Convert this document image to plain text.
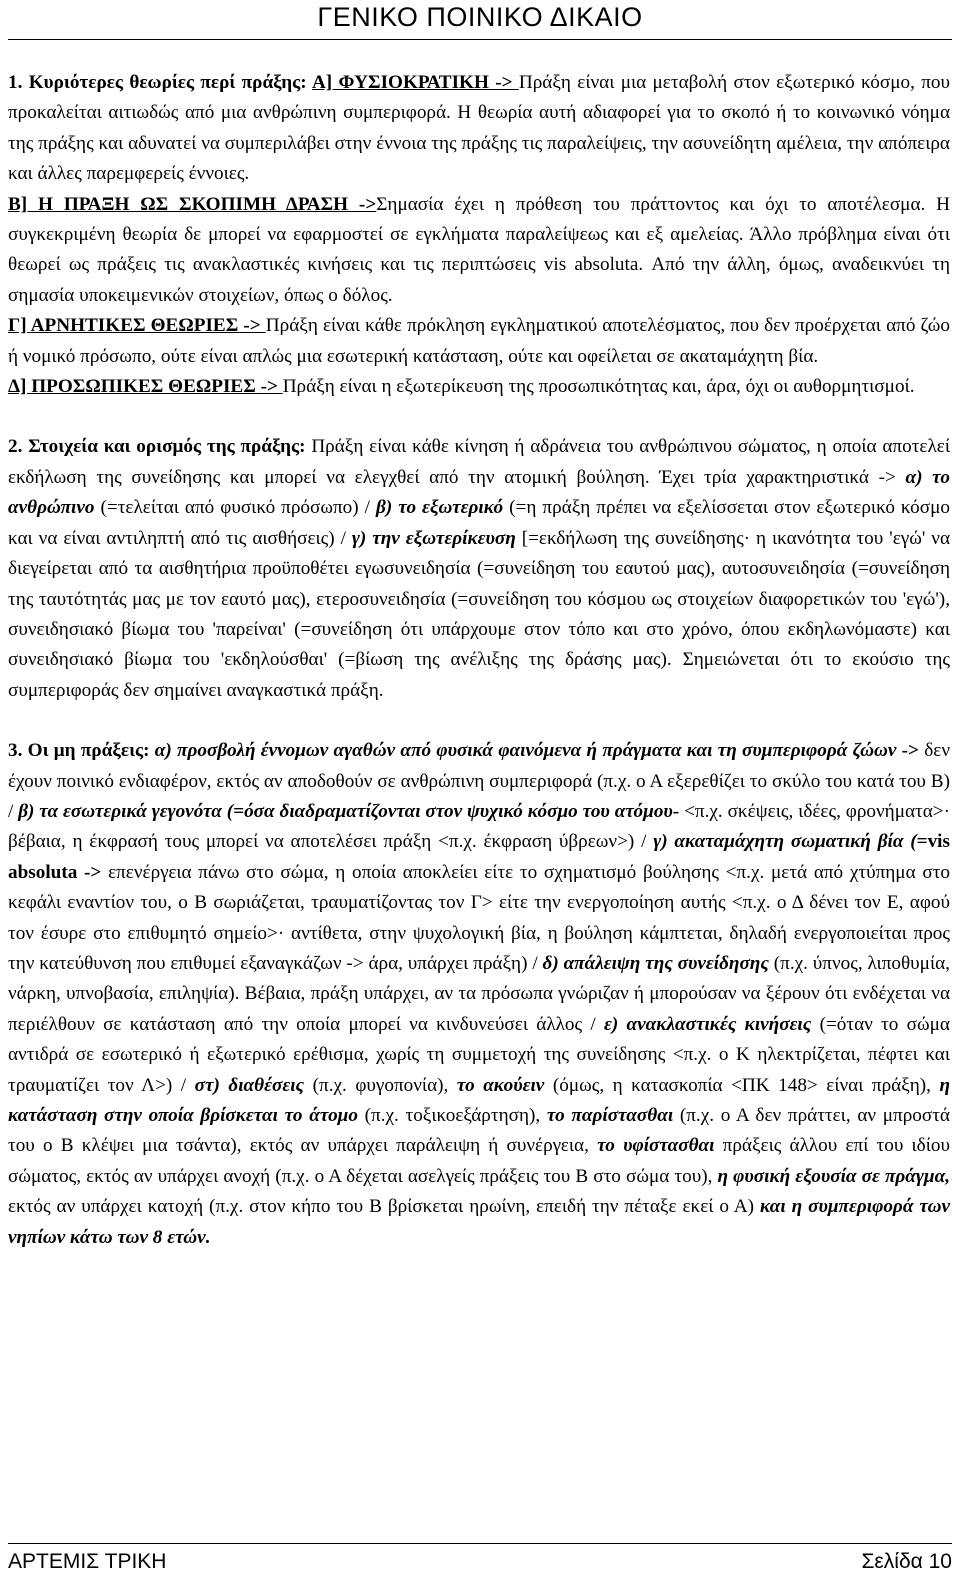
ΓΕΝΙΚΟ ΠΟΙΝΙΚΟ ΔΙΚΑΙΟ

1. Κυριότερες θεωρίες περί πράξης: Α] ΦΥΣΙΟΚΡΑΤΙΚΗ -> Πράξη είναι μια μεταβολή στον εξωτερικό κόσμο, που προκαλείται αιτιωδώς από μια ανθρώπινη συμπεριφορά. Η θεωρία αυτή αδιαφορεί για το σκοπό ή το κοινωνικό νόημα της πράξης και αδυνατεί να συμπεριλάβει στην έννοια της πράξης τις παραλείψεις, την ασυνείδητη αμέλεια, την απόπειρα και άλλες παρεμφερείς έννοιες.

Β] Η ΠΡΑΞΗ ΩΣ ΣΚΟΠΙΜΗ ΔΡΑΣΗ ->Σημασία έχει η πρόθεση του πράττοντος και όχι το αποτέλεσμα. Η συγκεκριμένη θεωρία δε μπορεί να εφαρμοστεί σε εγκλήματα παραλείψεως και εξ αμελείας. Άλλο πρόβλημα είναι ότι θεωρεί ως πράξεις τις ανακλαστικές κινήσεις και τις περιπτώσεις vis absoluta. Από την άλλη, όμως, αναδεικνύει τη σημασία υποκειμενικών στοιχείων, όπως ο δόλος.

Γ] ΑΡΝΗΤΙΚΕΣ ΘΕΩΡΙΕΣ -> Πράξη είναι κάθε πρόκληση εγκληματικού αποτελέσματος, που δεν προέρχεται από ζώο ή νομικό πρόσωπο, ούτε είναι απλώς μια εσωτερική κατάσταση, ούτε και οφείλεται σε ακαταμάχητη βία.

Δ] ΠΡΟΣΩΠΙΚΕΣ ΘΕΩΡΙΕΣ -> Πράξη είναι η εξωτερίκευση της προσωπικότητας και, άρα, όχι οι αυθορμητισμοί.

2. Στοιχεία και ορισμός της πράξης: Πράξη είναι κάθε κίνηση ή αδράνεια του ανθρώπινου σώματος, η οποία αποτελεί εκδήλωση της συνείδησης και μπορεί να ελεγχθεί από την ατομική βούληση. Έχει τρία χαρακτηριστικά -> α) το ανθρώπινο (=τελείται από φυσικό πρόσωπο) / β) το εξωτερικό (=η πράξη πρέπει να εξελίσσεται στον εξωτερικό κόσμο και να είναι αντιληπτή από τις αισθήσεις) / γ) την εξωτερίκευση [=εκδήλωση της συνείδησης· η ικανότητα του 'εγώ' να διεγείρεται από τα αισθητήρια προϋποθέτει εγωσυνειδησία (=συνείδηση του εαυτού μας), αυτοσυνειδησία (=συνείδηση της ταυτότητάς μας με τον εαυτό μας), ετεροσυνειδησία (=συνείδηση του κόσμου ως στοιχείων διαφορετικών του 'εγώ'), συνειδησιακό βίωμα του 'παρείναι' (=συνείδηση ότι υπάρχουμε στον τόπο και στο χρόνο, όπου εκδηλωνόμαστε) και συνειδησιακό βίωμα του 'εκδηλούσθαι' (=βίωση της ανέλιξης της δράσης μας). Σημειώνεται ότι το εκούσιο της συμπεριφοράς δεν σημαίνει αναγκαστικά πράξη.

3. Οι μη πράξεις: α) προσβολή έννομων αγαθών από φυσικά φαινόμενα ή πράγματα και τη συμπεριφορά ζώων -> δεν έχουν ποινικό ενδιαφέρον, εκτός αν αποδοθούν σε ανθρώπινη συμπεριφορά (π.χ. ο Α εξερεθίζει το σκύλο του κατά του Β) / β) τα εσωτερικά γεγονότα (=όσα διαδραματίζονται στον ψυχικό κόσμο του ατόμου- <π.χ. σκέψεις, ιδέες, φρονήματα>· βέβαια, η έκφρασή τους μπορεί να αποτελέσει πράξη <π.χ. έκφραση ύβρεων>) / γ) ακαταμάχητη σωματική βία (=vis absoluta -> επενέργεια πάνω στο σώμα, η οποία αποκλείει είτε το σχηματισμό βούλησης <π.χ. μετά από χτύπημα στο κεφάλι εναντίον του, ο Β σωριάζεται, τραυματίζοντας τον Γ> είτε την ενεργοποίηση αυτής <π.χ. ο Δ δένει τον Ε, αφού τον έσυρε στο επιθυμητό σημείο>· αντίθετα, στην ψυχολογική βία, η βούληση κάμπτεται, δηλαδή ενεργοποιείται προς την κατεύθυνση που επιθυμεί εξαναγκάζων -> άρα, υπάρχει πράξη) / δ) απάλειψη της συνείδησης (π.χ. ύπνος, λιποθυμία, νάρκη, υπνοβασία, επιληψία). Βέβαια, πράξη υπάρχει, αν τα πρόσωπα γνώριζαν ή μπορούσαν να ξέρουν ότι ενδέχεται να περιέλθουν σε κατάσταση από την οποία μπορεί να κινδυνεύσει άλλος / ε) ανακλαστικές κινήσεις (=όταν το σώμα αντιδρά σε εσωτερικό ή εξωτερικό ερέθισμα, χωρίς τη συμμετοχή της συνείδησης <π.χ. ο Κ ηλεκτρίζεται, πέφτει και τραυματίζει τον Λ>) / στ) διαθέσεις (π.χ. φυγοπονία), το ακούειν (όμως, η κατασκοπία <ΠΚ 148> είναι πράξη), η κατάσταση στην οποία βρίσκεται το άτομο (π.χ. τοξικοεξάρτηση), το παρίστασθαι (π.χ. ο Α δεν πράττει, αν μπροστά του ο Β κλέψει μια τσάντα), εκτός αν υπάρχει παράλειψη ή συνέργεια, το υφίστασθαι πράξεις άλλου επί του ιδίου σώματος, εκτός αν υπάρχει ανοχή (π.χ. ο Α δέχεται ασελγείς πράξεις του Β στο σώμα του), η φυσική εξουσία σε πράγμα, εκτός αν υπάρχει κατοχή (π.χ. στον κήπο του Β βρίσκεται ηρωίνη, επειδή την πέταξε εκεί ο Α) και η συμπεριφορά των νηπίων κάτω των 8 ετών.

ΑΡΤΕΜΙΣ ΤΡΙΚΗ	Σελίδα 10
